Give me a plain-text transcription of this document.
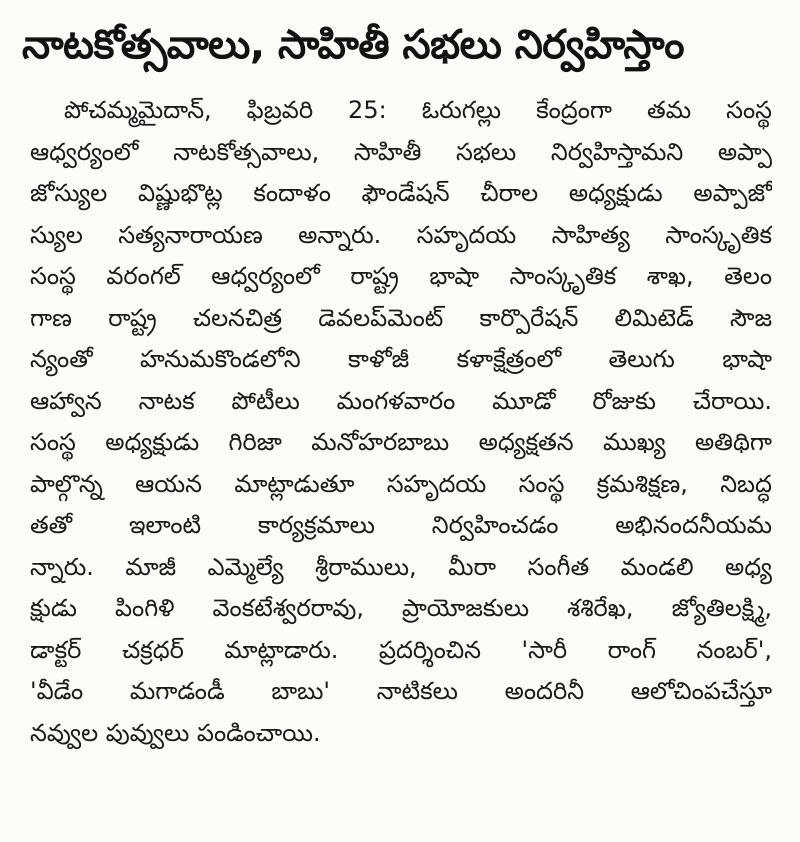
నాటకోత్సవాలు, సాహితీ సభలు నిర్వహిస్తాం
పోచమ్మమైదాన్, ఫిబ్రవరి 25: ఓరుగల్లు కేంద్రంగా తమ సంస్థ
ఆధ్వర్యంలో నాటకోత్సవాలు, సాహితీ సభలు నిర్వహిస్తామని అప్పా
జోస్యుల విష్ణుభొట్ల కందాళం ఫౌండేషన్ చీరాల అధ్యక్షుడు అప్పాజో
స్యుల సత్యనారాయణ అన్నారు. సహృదయ సాహిత్య సాంస్కృతిక
సంస్థ వరంగల్ ఆధ్వర్యంలో రాష్ట్ర భాషా సాంస్కృతిక శాఖ, తెలం
గాణ రాష్ట్ర చలనచిత్ర డెవలప్‌మెంట్ కార్పొరేషన్ లిమిటెడ్ సౌజ
న్యంతో హనుమకొండలోని కాళోజీ కళాక్షేత్రంలో తెలుగు భాషా
ఆహ్వాన నాటక పోటీలు మంగళవారం మూడో రోజుకు చేరాయి.
సంస్థ అధ్యక్షుడు గిరిజా మనోహరబాబు అధ్యక్షతన ముఖ్య అతిథిగా
పాల్గొన్న ఆయన మాట్లాడుతూ సహృదయ సంస్థ క్రమశిక్షణ, నిబద్ధ
తతో ఇలాంటి కార్యక్రమాలు నిర్వహించడం అభినందనీయమ
న్నారు. మాజీ ఎమ్మెల్యే శ్రీరాములు, మీరా సంగీత మండలి అధ్య
క్షుడు పింగిళి వెంకటేశ్వరరావు, ప్రాయోజకులు శశిరేఖ, జ్యోతిలక్ష్మి,
డాక్టర్ చక్రధర్ మాట్లాడారు. ప్రదర్శించిన 'సారీ రాంగ్ నంబర్',
'వీడేం మగాడండీ బాబు' నాటికలు అందరినీ ఆలోచింపచేస్తూ
నవ్వుల పువ్వులు పండించాయి.
